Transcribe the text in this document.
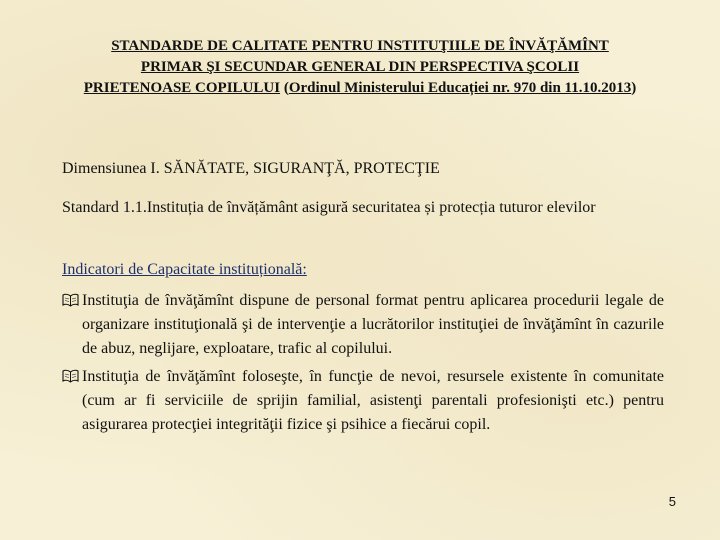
STANDARDE DE CALITATE PENTRU INSTITUŢIILE DE ÎNVĂŢĂMÎNT
PRIMAR ŞI SECUNDAR GENERAL DIN PERSPECTIVA ŞCOLII
PRIETENOASE COPILULUI (Ordinul Ministerului Educației nr. 970 din 11.10.2013)
Dimensiunea I. SĂNĂTATE, SIGURANŢĂ, PROTECŢIE
Standard 1.1.Instituția de învățământ asigură securitatea și protecția tuturor elevilor
Indicatori de Capacitate instituțională:
Instituţia de învăţămînt dispune de personal format pentru aplicarea procedurii legale de organizare instituţională şi de intervenţie a lucrătorilor instituţiei de învăţămînt în cazurile de abuz, neglijare, exploatare, trafic al copilului.
Instituţia de învăţămînt foloseşte, în funcţie de nevoi, resursele existente în comunitate (cum ar fi serviciile de sprijin familial, asistenţi parentali profesionişti etc.) pentru asigurarea protecţiei integrităţii fizice şi psihice a fiecărui copil.
5
